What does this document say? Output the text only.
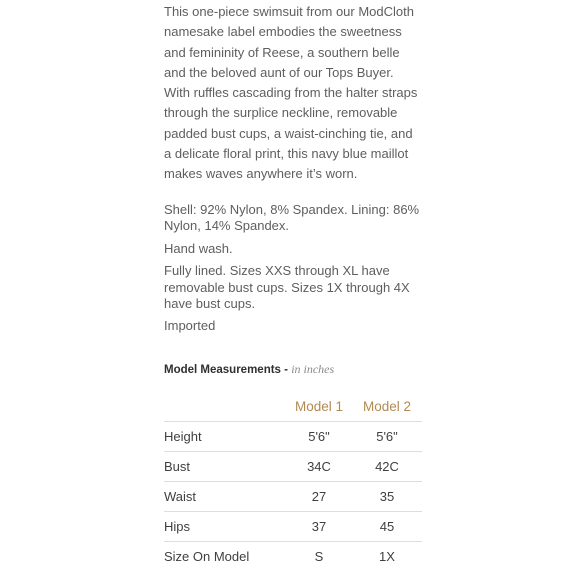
This one-piece swimsuit from our ModCloth namesake label embodies the sweetness and femininity of Reese, a southern belle and the beloved aunt of our Tops Buyer. With ruffles cascading from the halter straps through the surplice neckline, removable padded bust cups, a waist-cinching tie, and a delicate floral print, this navy blue maillot makes waves anywhere it’s worn.

Shell: 92% Nylon, 8% Spandex. Lining: 86% Nylon, 14% Spandex.

Hand wash.

Fully lined. Sizes XXS through XL have removable bust cups. Sizes 1X through 4X have bust cups.

Imported

Model Measurements - in inches
	Model 1	Model 2
Height	5'6"	5'6"
Bust	34C	42C
Waist	27	35
Hips	37	45
Size On Model	S	1X
